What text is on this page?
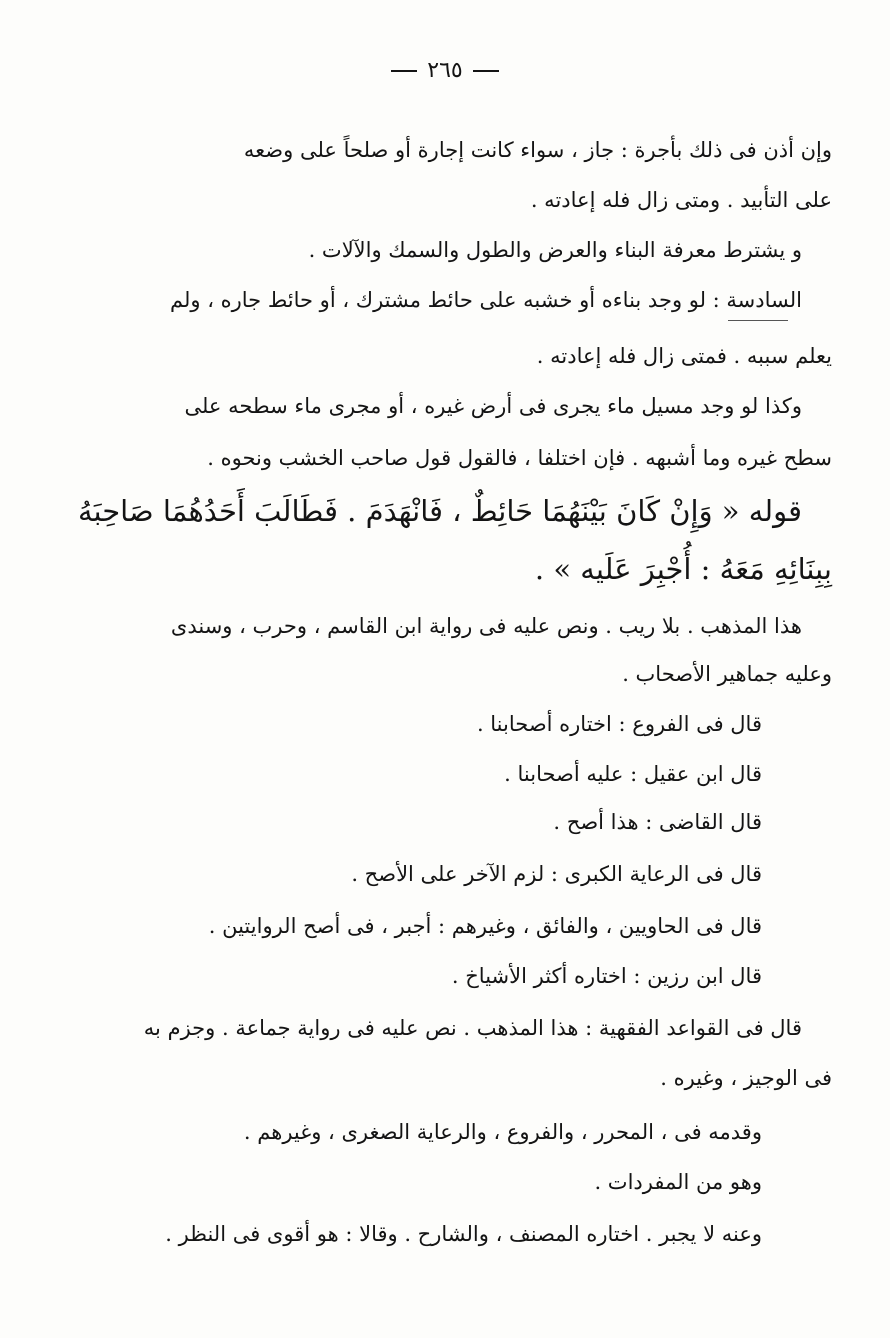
٢٦٥
وإن أذن فى ذلك بأجرة : جاز ، سواء كانت إجارة أو صلحاً على وضعه
على التأبيد . ومتى زال فله إعادته .
و يشترط معرفة البناء والعرض والطول والسمك والآلات .
السادسة : لو وجد بناءه أو خشبه على حائط مشترك ، أو حائط جاره ، ولم
يعلم سببه . فمتى زال فله إعادته .
وكذا لو وجد مسيل ماء يجرى فى أرض غيره ، أو مجرى ماء سطحه على
سطح غيره وما أشبهه . فإن اختلفا ، فالقول قول صاحب الخشب ونحوه .
قوله « وَإِنْ كَانَ بَيْنَهُمَا حَائِطٌ ، فَانْهَدَمَ . فَطَالَبَ أَحَدُهُمَا صَاحِبَهُ
بِبِنَائِهِ مَعَهُ : أُجْبِرَ عَلَيه » .
هذا المذهب . بلا ريب . ونص عليه فى رواية ابن القاسم ، وحرب ، وسندى
وعليه جماهير الأصحاب .
قال فى الفروع : اختاره أصحابنا .
قال ابن عقيل : عليه أصحابنا .
قال القاضى : هذا أصح .
قال فى الرعاية الكبرى : لزم الآخر على الأصح .
قال فى الحاويين ، والفائق ، وغيرهم : أجبر ، فى أصح الروايتين .
قال ابن رزين : اختاره أكثر الأشياخ .
قال فى القواعد الفقهية : هذا المذهب . نص عليه فى رواية جماعة . وجزم به
فى الوجيز ، وغيره .
وقدمه فى ، المحرر ، والفروع ، والرعاية الصغرى ، وغيرهم .
وهو من المفردات .
وعنه لا يجبر . اختاره المصنف ، والشارح . وقالا : هو أقوى فى النظر .
